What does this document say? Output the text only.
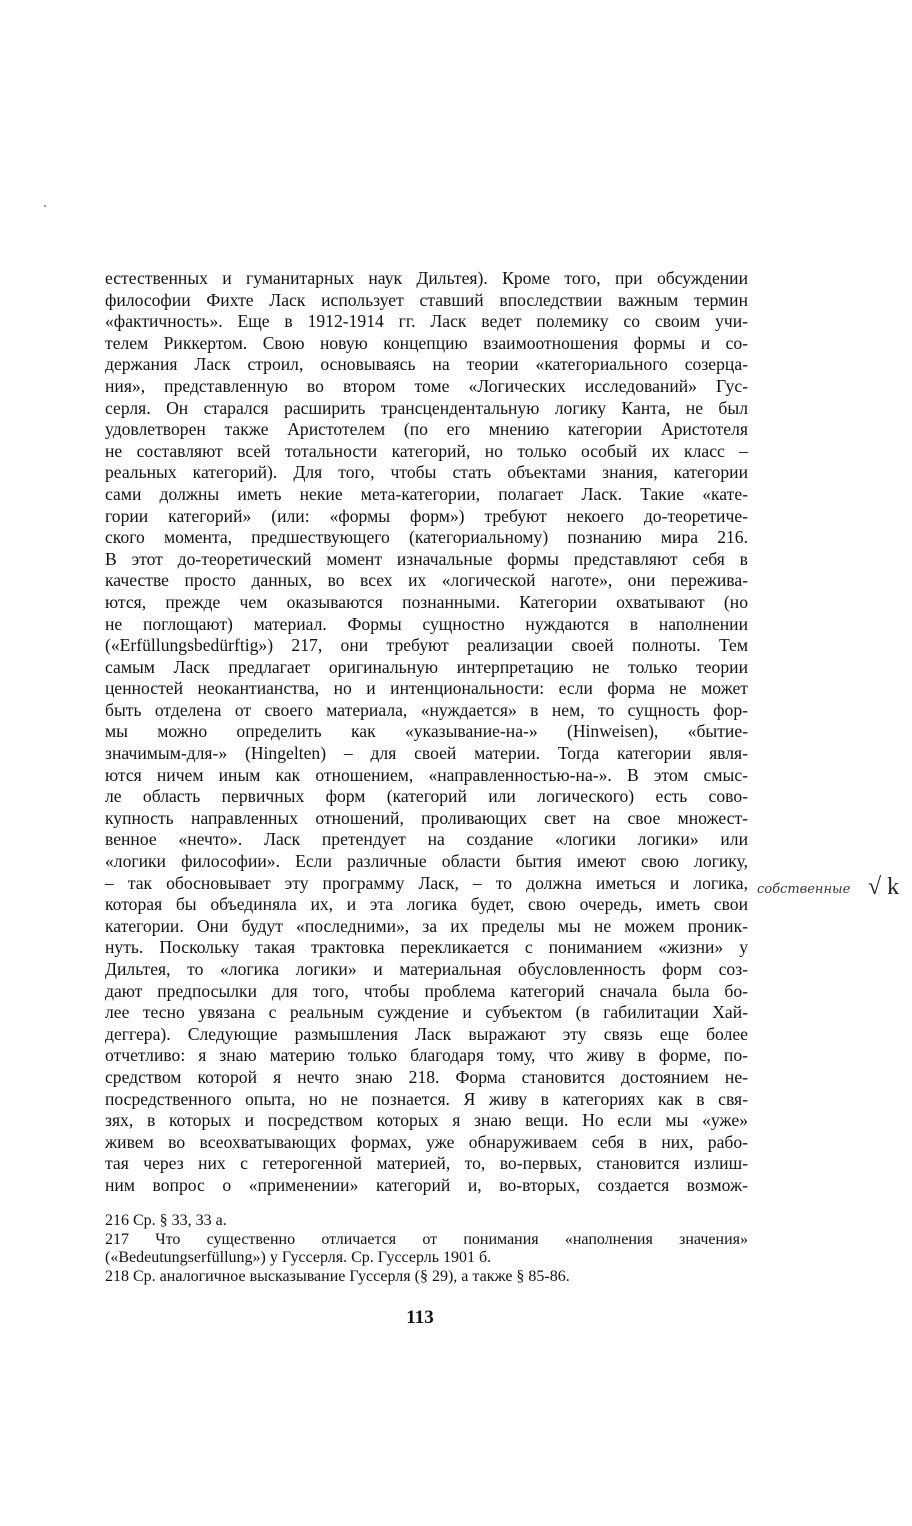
естественных и гуманитарных наук Дильтея). Кроме того, при обсуждении
философии Фихте Ласк использует ставший впоследствии важным термин
«фактичность». Еще в 1912-1914 гг. Ласк ведет полемику со своим учи-
телем Риккертом. Свою новую концепцию взаимоотношения формы и со-
держания Ласк строил, основываясь на теории «категориального созерца-
ния», представленную во втором томе «Логических исследований» Гус-
серля. Он старался расширить трансцендентальную логику Канта, не был
удовлетворен также Аристотелем (по его мнению категории Аристотеля
не составляют всей тотальности категорий, но только особый их класс –
реальных категорий). Для того, чтобы стать объектами знания, категории
сами должны иметь некие мета-категории, полагает Ласк. Такие «кате-
гории категорий» (или: «формы форм») требуют некоего до-теоретиче-
ского момента, предшествующего (категориальному) познанию мира 216.
В этот до-теоретический момент изначальные формы представляют себя в
качестве просто данных, во всех их «логической наготе», они пережива-
ются, прежде чем оказываются познанными. Категории охватывают (но
не поглощают) материал. Формы сущностно нуждаются в наполнении
(«Erfüllungsbedürftig») 217, они требуют реализации своей полноты. Тем
самым Ласк предлагает оригинальную интерпретацию не только теории
ценностей неокантианства, но и интенциональности: если форма не может
быть отделена от своего материала, «нуждается» в нем, то сущность фор-
мы можно определить как «указывание-на-» (Hinweisen), «бытие-
значимым-для-» (Hingelten) – для своей материи. Тогда категории явля-
ются ничем иным как отношением, «направленностью-на-». В этом смыс-
ле область первичных форм (категорий или логического) есть сово-
купность направленных отношений, проливающих свет на свое множест-
венное «нечто». Ласк претендует на создание «логики логики» или
«логики философии». Если различные области бытия имеют свою логику,
– так обосновывает эту программу Ласк, – то должна иметься и логика,
которая бы объединяла их, и эта логика будет, свою очередь, иметь свои
категории. Они будут «последними», за их пределы мы не можем проник-
нуть. Поскольку такая трактовка перекликается с пониманием «жизни» у
Дильтея, то «логика логики» и материальная обусловленность форм соз-
дают предпосылки для того, чтобы проблема категорий сначала была бо-
лее тесно увязана с реальным суждение и субъектом (в габилитации Хай-
деггера). Следующие размышления Ласк выражают эту связь еще более
отчетливо: я знаю материю только благодаря тому, что живу в форме, по-
средством которой я нечто знаю 218. Форма становится достоянием не-
посредственного опыта, но не познается. Я живу в категориях как в свя-
зях, в которых и посредством которых я знаю вещи. Но если мы «уже»
живем во всеохватывающих формах, уже обнаруживаем себя в них, рабо-
тая через них с гетерогенной материей, то, во-первых, становится излиш-
ним вопрос о «применении» категорий и, во-вторых, создается возмож-
собственные √ k
216 Ср. § 33, 33 а.
217 Что существенно отличается от понимания «наполнения значения»
(«Bedeutungserfüllung») у Гуссерля. Ср. Гуссерль 1901 б.
218 Ср. аналогичное высказывание Гуссерля (§ 29), а также § 85-86.
113
